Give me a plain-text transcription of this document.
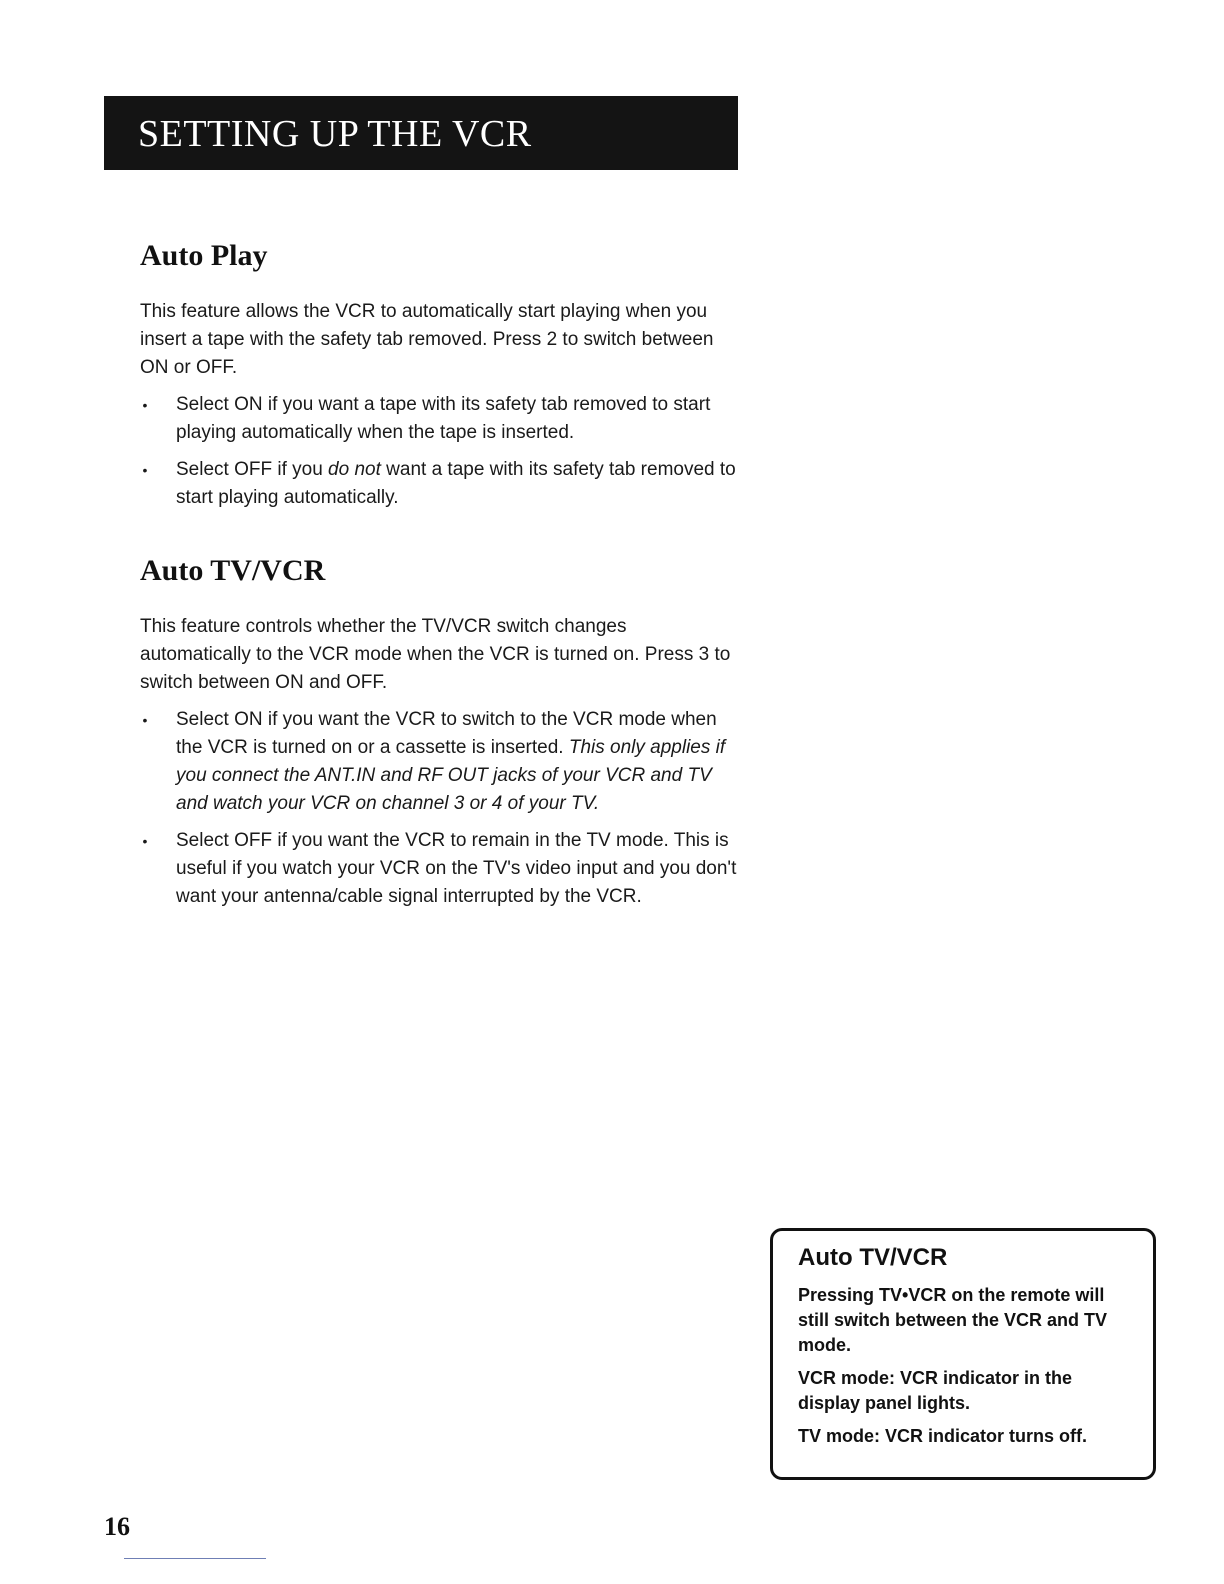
SETTING UP THE VCR
Auto Play

This feature allows the VCR to automatically start playing when you insert a tape with the safety tab removed. Press 2 to switch between ON or OFF.

• Select ON if you want a tape with its safety tab removed to start playing automatically when the tape is inserted.
• Select OFF if you do not want a tape with its safety tab removed to start playing automatically.
Auto TV/VCR

This feature controls whether the TV/VCR switch changes automatically to the VCR mode when the VCR is turned on. Press 3 to switch between ON and OFF.

• Select ON if you want the VCR to switch to the VCR mode when the VCR is turned on or a cassette is inserted. This only applies if you connect the ANT.IN and RF OUT jacks of your VCR and TV and watch your VCR on channel 3 or 4 of your TV.
• Select OFF if you want the VCR to remain in the TV mode. This is useful if you watch your VCR on the TV's video input and you don't want your antenna/cable signal interrupted by the VCR.
Auto TV/VCR

Pressing TV•VCR on the remote will still switch between the VCR and TV mode.

VCR mode: VCR indicator in the display panel lights.

TV mode: VCR indicator turns off.

16
